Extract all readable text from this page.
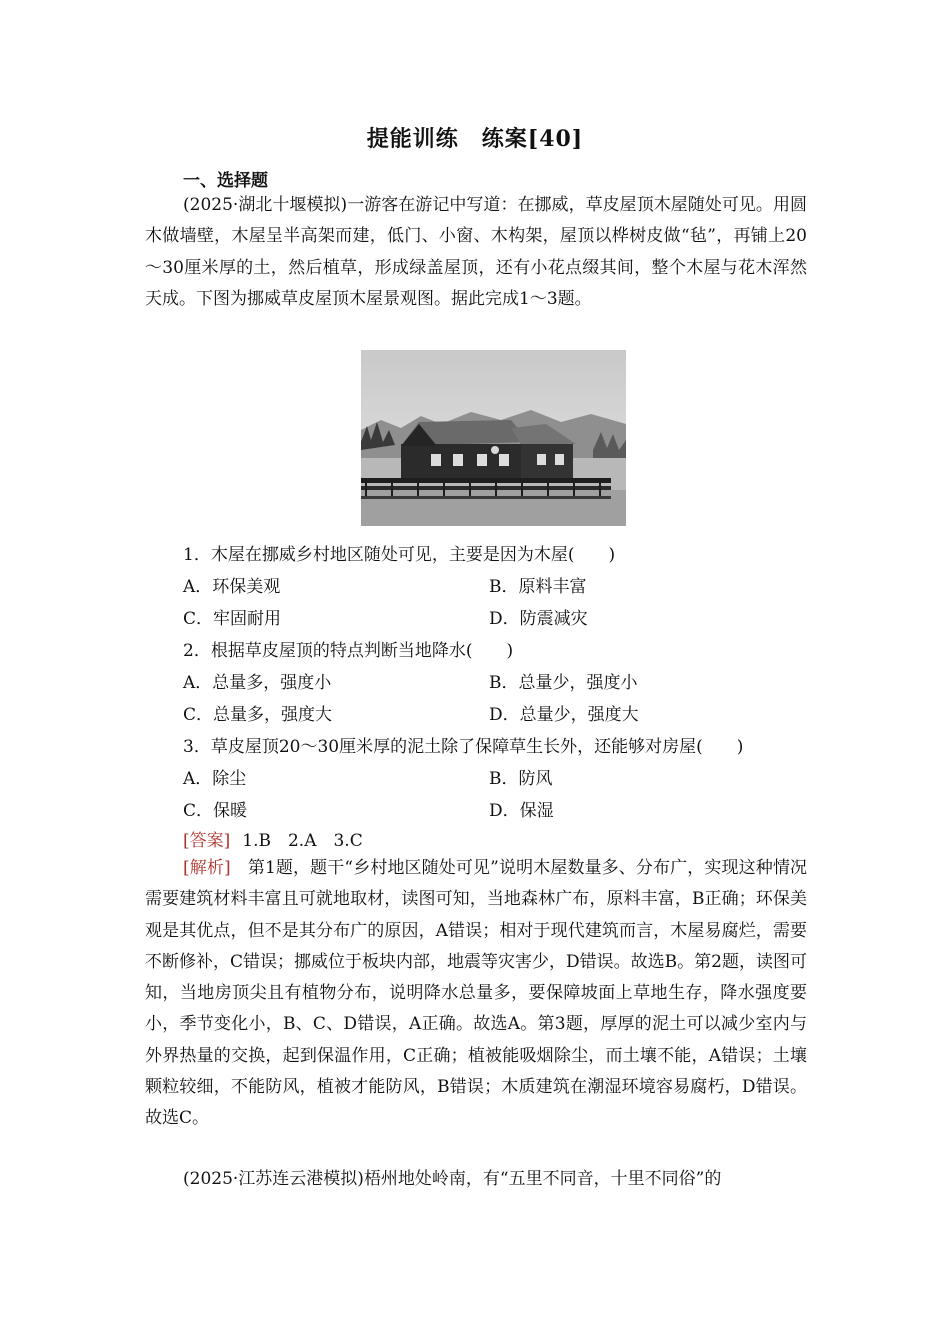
提能训练　练案[40]
一、选择题
(2025·湖北十堰模拟)一游客在游记中写道：在挪威，草皮屋顶木屋随处可见。用圆木做墙壁，木屋呈半高架而建，低门、小窗、木构架，屋顶以桦树皮做“毡”，再铺上20～30厘米厚的土，然后植草，形成绿盖屋顶，还有小花点缀其间，整个木屋与花木浑然天成。下图为挪威草皮屋顶木屋景观图。据此完成1～3题。
1．木屋在挪威乡村地区随处可见，主要是因为木屋(　　)
A．环保美观	B．原料丰富
C．牢固耐用	D．防震减灾
2．根据草皮屋顶的特点判断当地降水(　　)
A．总量多，强度小	B．总量少，强度小
C．总量多，强度大	D．总量少，强度大
3．草皮屋顶20～30厘米厚的泥土除了保障草生长外，还能够对房屋(　　)
A．除尘	B．防风
C．保暖	D．保湿
[答案] 1.B　2.A　3.C
[解析]　第1题，题干“乡村地区随处可见”说明木屋数量多、分布广，实现这种情况需要建筑材料丰富且可就地取材，读图可知，当地森林广布，原料丰富，B正确；环保美观是其优点，但不是其分布广的原因，A错误；相对于现代建筑而言，木屋易腐烂，需要不断修补，C错误；挪威位于板块内部，地震等灾害少，D错误。故选B。第2题，读图可知，当地房顶尖且有植物分布，说明降水总量多，要保障坡面上草地生存，降水强度要小，季节变化小，B、C、D错误，A正确。故选A。第3题，厚厚的泥土可以减少室内与外界热量的交换，起到保温作用，C正确；植被能吸烟除尘，而土壤不能，A错误；土壤颗粒较细，不能防风，植被才能防风，B错误；木质建筑在潮湿环境容易腐朽，D错误。故选C。
(2025·江苏连云港模拟)梧州地处岭南，有“五里不同音，十里不同俗”的
